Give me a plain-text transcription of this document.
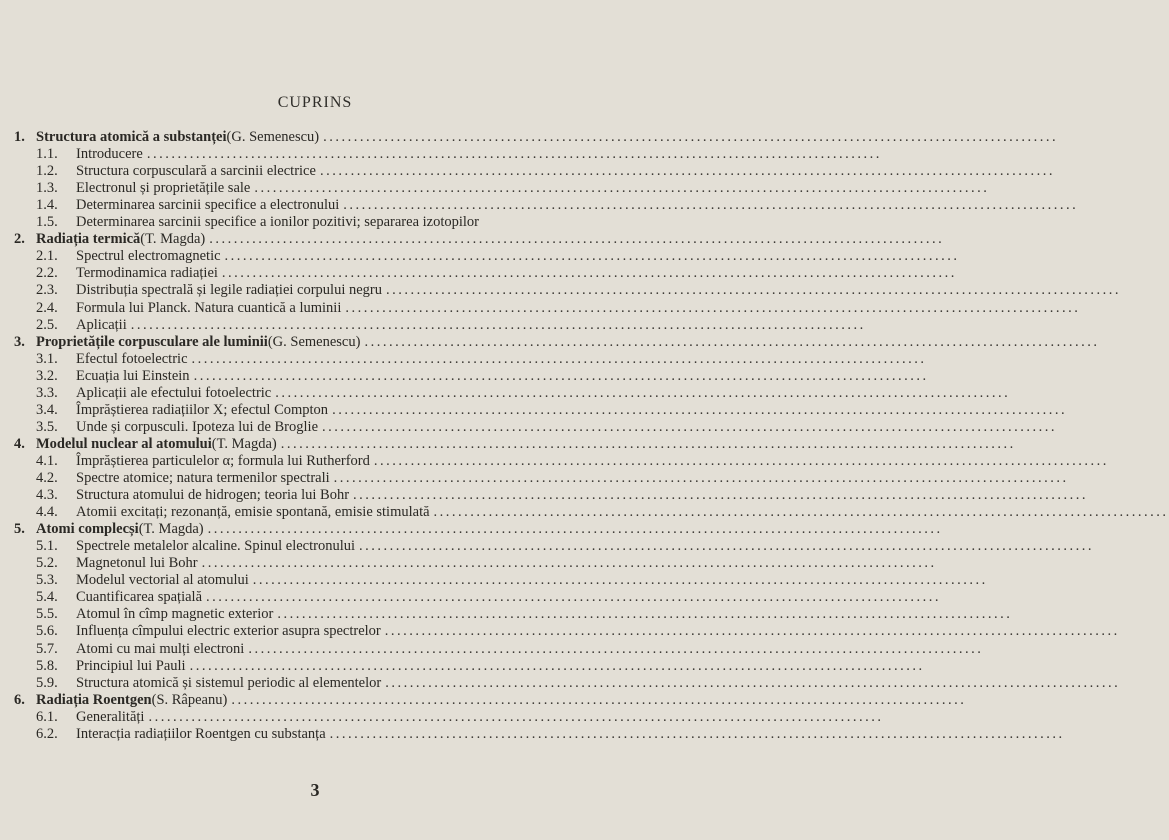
CUPRINS
1. Structura atomică a substanței (G. Semenescu) ........................................................................................................................
1.1.	Introducere ........................................................................................................................
1.2.	Structura corpusculară a sarcinii electrice ........................................................................................................................
1.3.	Electronul și proprietățile sale ........................................................................................................................
1.4.	Determinarea sarcinii specifice a electronului ........................................................................................................................
1.5.	Determinarea sarcinii specifice a ionilor pozitivi; separarea izotopilor
2. Radiația termică (T. Magda) ........................................................................................................................
2.1.	Spectrul electromagnetic ........................................................................................................................
2.2.	Termodinamica radiației ........................................................................................................................
2.3.	Distribuția spectrală și legile radiației corpului negru ........................................................................................................................
2.4.	Formula lui Planck. Natura cuantică a luminii ........................................................................................................................
2.5.	Aplicații ........................................................................................................................
3. Proprietățile corpusculare ale luminii (G. Semenescu) ........................................................................................................................
3.1.	Efectul fotoelectric ........................................................................................................................
3.2.	Ecuația lui Einstein ........................................................................................................................
3.3.	Aplicații ale efectului fotoelectric ........................................................................................................................
3.4.	Împrăștierea radiațiilor X; efectul Compton ........................................................................................................................
3.5.	Unde și corpusculi. Ipoteza lui de Broglie ........................................................................................................................
4. Modelul nuclear al atomului (T. Magda) ........................................................................................................................
4.1.	Împrăștierea particulelor α; formula lui Rutherford ........................................................................................................................
4.2.	Spectre atomice; natura termenilor spectrali ........................................................................................................................
4.3.	Structura atomului de hidrogen; teoria lui Bohr ........................................................................................................................
4.4.	Atomii excitați; rezonanță, emisie spontană, emisie stimulată ........................................................................................................................
5. Atomi complecși (T. Magda) ........................................................................................................................
5.1.	Spectrele metalelor alcaline. Spinul electronului ........................................................................................................................
5.2.	Magnetonul lui Bohr ........................................................................................................................
5.3.	Modelul vectorial al atomului ........................................................................................................................
5.4.	Cuantificarea spațială ........................................................................................................................
5.5.	Atomul în cîmp magnetic exterior ........................................................................................................................
5.6.	Influența cîmpului electric exterior asupra spectrelor ........................................................................................................................
5.7.	Atomi cu mai mulți electroni ........................................................................................................................
5.8.	Principiul lui Pauli ........................................................................................................................
5.9.	Structura atomică și sistemul periodic al elementelor ........................................................................................................................
6. Radiația Roentgen (S. Râpeanu) ........................................................................................................................
6.1.	Generalități ........................................................................................................................
6.2.	Interacția radiațiilor Roentgen cu substanța ........................................................................................................................
3
